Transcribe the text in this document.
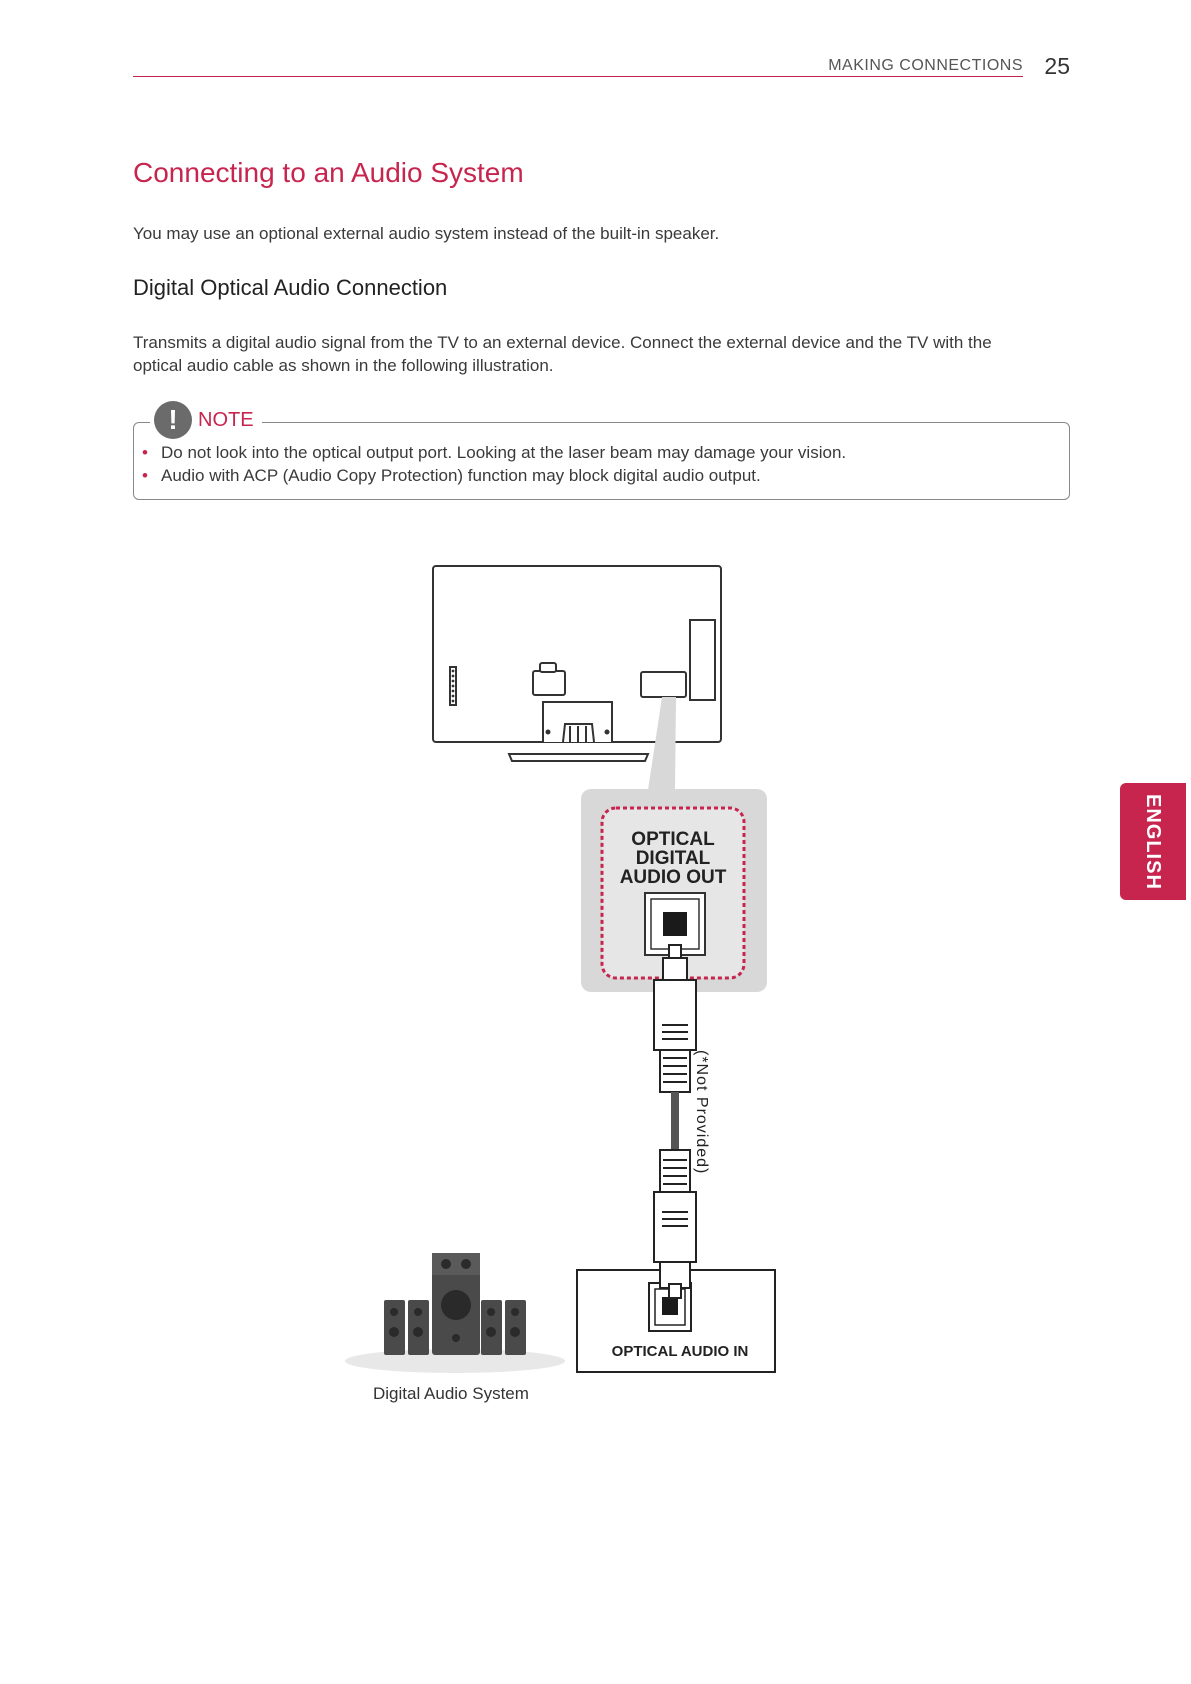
MAKING CONNECTIONS 25
Connecting to an Audio System
You may use an optional external audio system instead of the built-in speaker.
Digital Optical Audio Connection
Transmits a digital audio signal from the TV to an external device. Connect the external device and the TV with the optical audio cable as shown in the following illustration.
!	NOTE
• Do not look into the optical output port. Looking at the laser beam may damage your vision.
• Audio with ACP (Audio Copy Protection) function may block digital audio output.
OPTICAL
DIGITAL
AUDIO OUT
OPTICAL AUDIO IN
(*Not Provided)
Digital Audio System
ENGLISH
